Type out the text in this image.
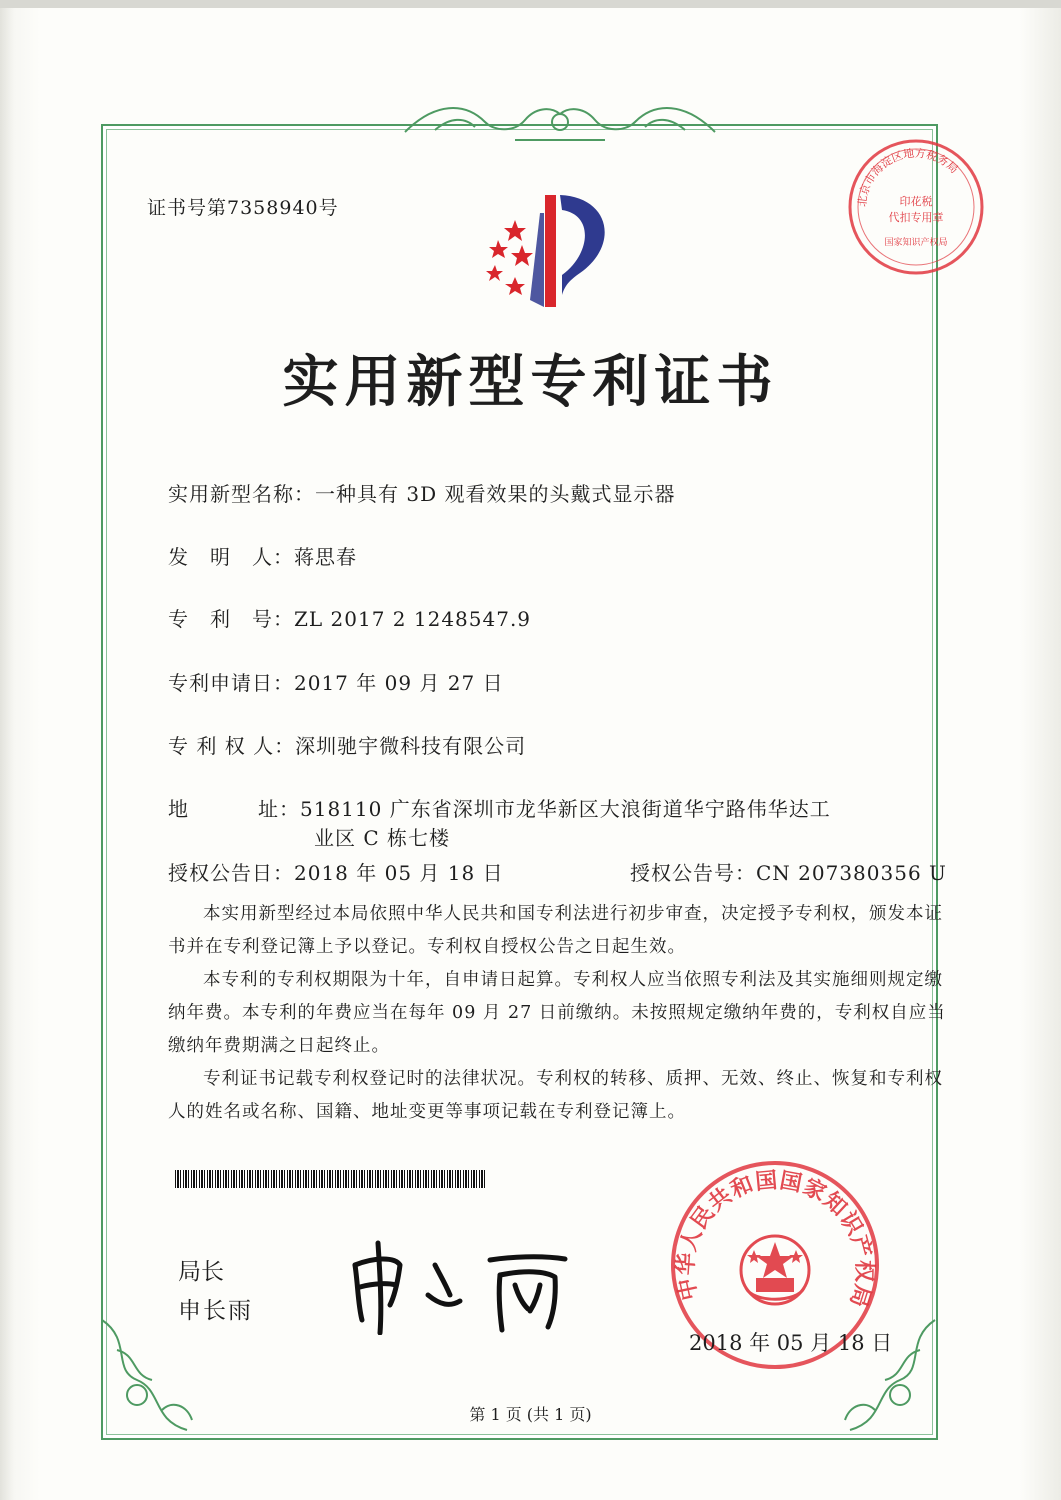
证书号第7358940号	北京市海淀区地方税务局
印花税
代扣专用章
国家知识产权局
实用新型专利证书
实用新型名称：一种具有 3D 观看效果的头戴式显示器
发　明　人：蒋思春
专　利　号：ZL 2017 2 1248547.9
专利申请日：2017 年 09 月 27 日
专 利 权 人：深圳驰宇微科技有限公司
地	址：518110 广东省深圳市龙华新区大浪街道华宁路伟华达工
业区 C 栋七楼
授权公告日：2018 年 05 月 18 日	授权公告号：CN 207380356 U

本实用新型经过本局依照中华人民共和国专利法进行初步审查，决定授予专利权，颁发本证书并在专利登记簿上予以登记。专利权自授权公告之日起生效。

本专利的专利权期限为十年，自申请日起算。专利权人应当依照专利法及其实施细则规定缴纳年费。本专利的年费应当在每年 09 月 27 日前缴纳。未按照规定缴纳年费的，专利权自应当缴纳年费期满之日起终止。

专利证书记载专利权登记时的法律状况。专利权的转移、质押、无效、终止、恢复和专利权人的姓名或名称、国籍、地址变更等事项记载在专利登记簿上。

局长
申长雨
中华人民共和国国家知识产权局
2018 年 05 月 18 日
第 1 页 (共 1 页)
